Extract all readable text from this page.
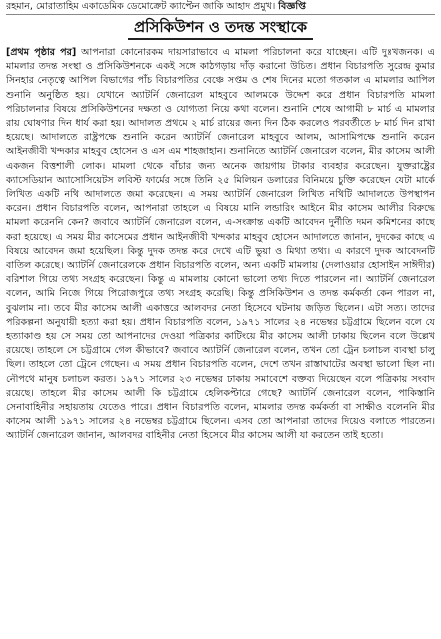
রহমান, মোরাতাহিম একাডেমিক ডেমোক্রেট ক্যাপ্টেন জাকি আহাদ প্রমুখ। বিজ্ঞপ্তি
প্রসিকিউশন ও তদন্ত সংস্থাকে

[প্রথম পৃষ্ঠার পর] আপনারা কোনোরকম দায়সারাভাবে এ মামলা পরিচালনা করে যাচ্ছেন। এটি দুঃখজনক। এ মামলার তদন্ত সংস্থা ও প্রসিকিউশনকে একই সঙ্গে কাঠগড়ায় দাঁড় করানো উচিত। প্রধান বিচারপতি সুরেন্দ্র কুমার সিনহার নেতৃত্বে আপিল বিভাগের পাঁচ বিচারপতির বেঞ্চে সপ্তম ও শেষ দিনের মতো গতকাল এ মামলার আপিল শুনানি অনুষ্ঠিত হয়। যেখানে অ্যাটর্নি জেনারেল মাহবুবে আলমকে উদ্দেশ করে প্রধান বিচারপতি মামলা পরিচালনার বিষয়ে প্রসিকিউশনের দক্ষতা ও যোগ্যতা নিয়ে কথা বলেন। শুনানি শেষে আগামী ৮ মার্চ এ মামলার রায় ঘোষণার দিন ধার্য করা হয়। আদালত প্রথমে ২ মার্চ রায়ের জন্য দিন ঠিক করলেও পরবর্তীতে ৮ মার্চ দিন রাখা হয়েছে। আদালতে রাষ্ট্রপক্ষে শুনানি করেন অ্যাটর্নি জেনারেল মাহবুবে আলম, আসামিপক্ষে শুনানি করেন আইনজীবী খন্দকার মাহবুব হোসেন ও এস এম শাহজাহান। শুনানিতে অ্যাটর্নি জেনারেল বলেন, মীর কাসেম আলী একজন বিত্তশালী লোক। মামলা থেকে বাঁচার জন্য অনেক জায়গায় টাকার ব্যবহার করেছেন। যুক্তরাষ্ট্রের ক্যাসেডিয়ান অ্যাসোসিয়েটস লবিস্ট ফার্মের সঙ্গে তিনি ২৫ মিলিয়ন ডলারের বিনিময়ে চুক্তি করেছেন যেটা মার্কে লিখিত একটি নথি আদালতে জমা করেছেন। এ সময় অ্যাটর্নি জেনারেল লিখিত নথিটি আদালতে উপস্থাপন করেন। প্রধান বিচারপতি বলেন, আপনারা তাহলে এ বিষয়ে মানি লন্ডারিং আইনে মীর কাসেম আলীর বিরুদ্ধে মামলা করেননি কেন? জবাবে অ্যাটর্নি জেনারেল বলেন, এ-সংক্রান্ত একটি আবেদন দুর্নীতি দমন কমিশনের কাছে করা হয়েছে। এ সময় মীর কাসেমের প্রধান আইনজীবী খন্দকার মাহবুব হোসেন আদালতে জানান, দুদকের কাছে এ বিষয়ে আবেদন জমা হয়েছিল। কিন্তু দুদক তদন্ত করে দেখে এটি ভুয়া ও মিথ্যা তথ্য। এ কারণে দুদক আবেদনটি বাতিল করেছে। অ্যাটর্নি জেনারেলকে প্রধান বিচারপতি বলেন, অন্য একটি মামলায় (দেলাওয়ার হোসাইন সাঈদীর) বরিশাল গিয়ে তথ্য সংগ্রহ করেছেন। কিন্তু এ মামলায় কোনো ভালো তথ্য দিতে পারলেন না। অ্যাটর্নি জেনারেল বলেন, আমি নিজে গিয়ে পিরোজপুরে তথ্য সংগ্রহ করেছি। কিন্তু প্রসিকিউশন ও তদন্ত কর্মকর্তা কেন পারল না, বুঝলাম না। তবে মীর কাসেম আলী একাত্তরে আলবদর নেতা হিসেবে ঘটনায় জড়িত ছিলেন। এটা সত্য। তাদের পরিকল্পনা অনুযায়ী হত্যা করা হয়। প্রধান বিচারপতি বলেন, ১৯৭১ সালের ২৪ নভেম্বর চট্টগ্রামে ছিলেন বলে যে হত্যাকাণ্ড হয় সে সময় তো আপনাদের দেওয়া পত্রিকার কাটিংয়ে মীর কাসেম আলী ঢাকায় ছিলেন বলে উল্লেখ রয়েছে। তাহলে সে চট্টগ্রামে গেল কীভাবে? জবাবে অ্যাটর্নি জেনারেল বলেন, তখন তো ট্রেন চলাচল ব্যবস্থা চালু ছিল। তাহলে তো ট্রেনে গেছেন। এ সময় প্রধান বিচারপতি বলেন, দেশে তখন রাস্তাঘাটের অবস্থা ভালো ছিল না। নৌপথে মানুষ চলাচল করত। ১৯৭১ সালের ২৩ নভেম্বর ঢাকায় সমাবেশে বক্তব্য দিয়েছেন বলে পত্রিকায় সংবাদ রয়েছে। তাহলে মীর কাসেম আলী কি চট্টগ্রামে হেলিকপ্টারে গেছে? অ্যাটর্নি জেনারেল বলেন, পাকিস্তানি সেনাবাহিনীর সহায়তায় যেতেও পারে। প্রধান বিচারপতি বলেন, মামলার তদন্ত কর্মকর্তা বা সাক্ষীও বলেননি মীর কাসেম আলী ১৯৭১ সালের ২৪ নভেম্বর চট্টগ্রামে ছিলেন। এসব তো আপনারা তাদের দিয়েও বলাতে পারতেন। অ্যাটর্নি জেনারেল জানান, আলবদর বাহিনীর নেতা হিসেবে মীর কাসেম আলী যা করতেন তাই হতো।
